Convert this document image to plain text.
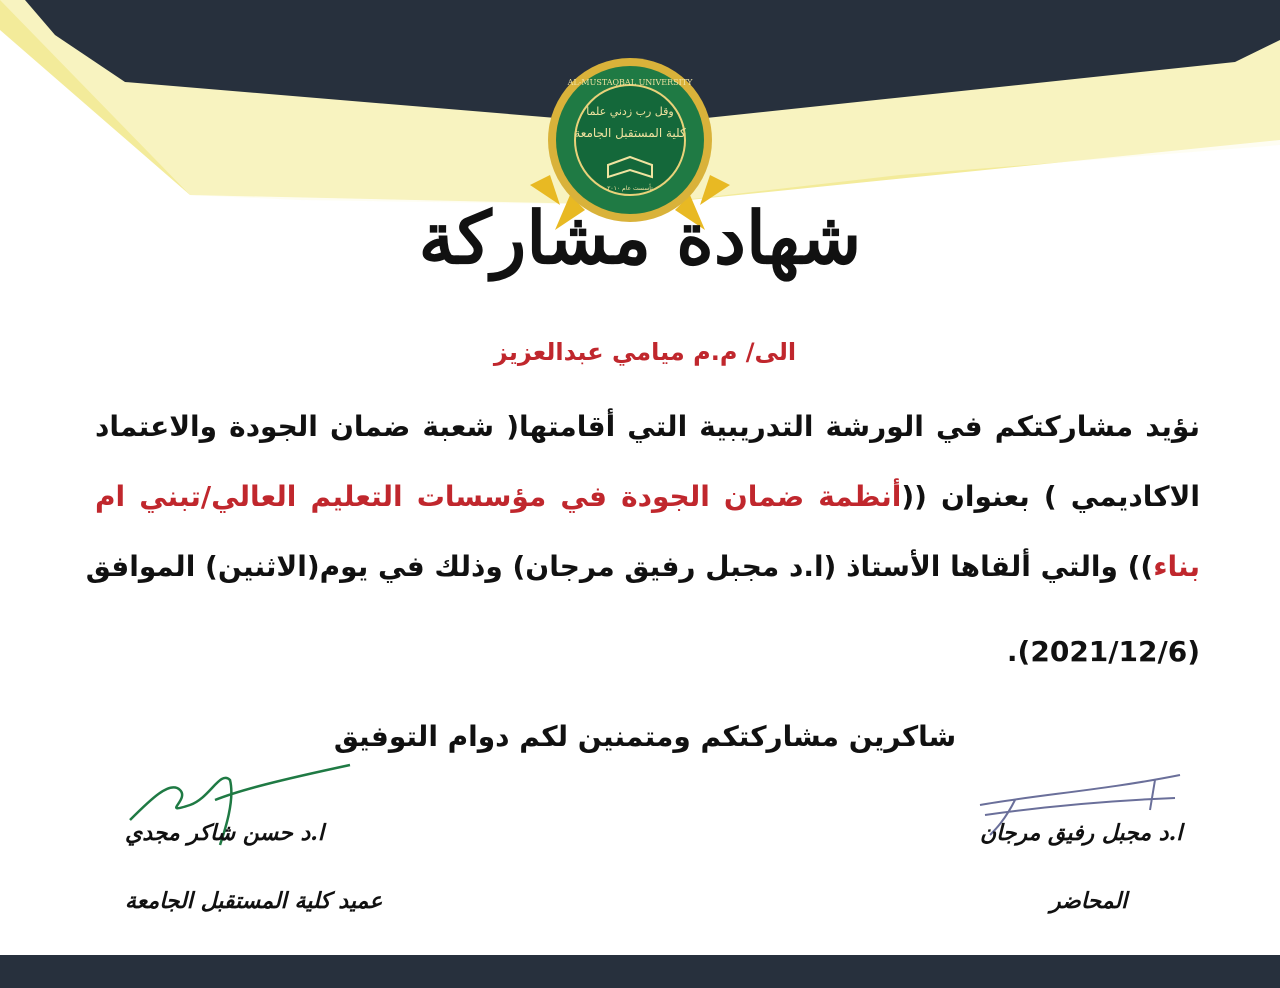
AL-MUSTAQBAL UNIVERSITY
وقل رب زدني علما
كلية المستقبل الجامعة
تأسست عام ٢٠١٠
شهادة مشاركة
الى/ م.م ميامي عبدالعزيز
نؤيد مشاركتكم في الورشة التدريبية التي أقامتها( شعبة ضمان الجودة والاعتماد
الاكاديمي ) بعنوان ((أنظمة ضمان الجودة في مؤسسات التعليم العالي/تبني ام
بناء)) والتي ألقاها الأستاذ (ا.د مجبل رفيق مرجان) وذلك في يوم(الاثنين) الموافق
(2021/12/6).
شاكرين مشاركتكم ومتمنين لكم دوام التوفيق
ا.د حسن شاكر مجدي
عميد كلية المستقبل الجامعة
ا.د مجبل رفيق مرجان
المحاضر
